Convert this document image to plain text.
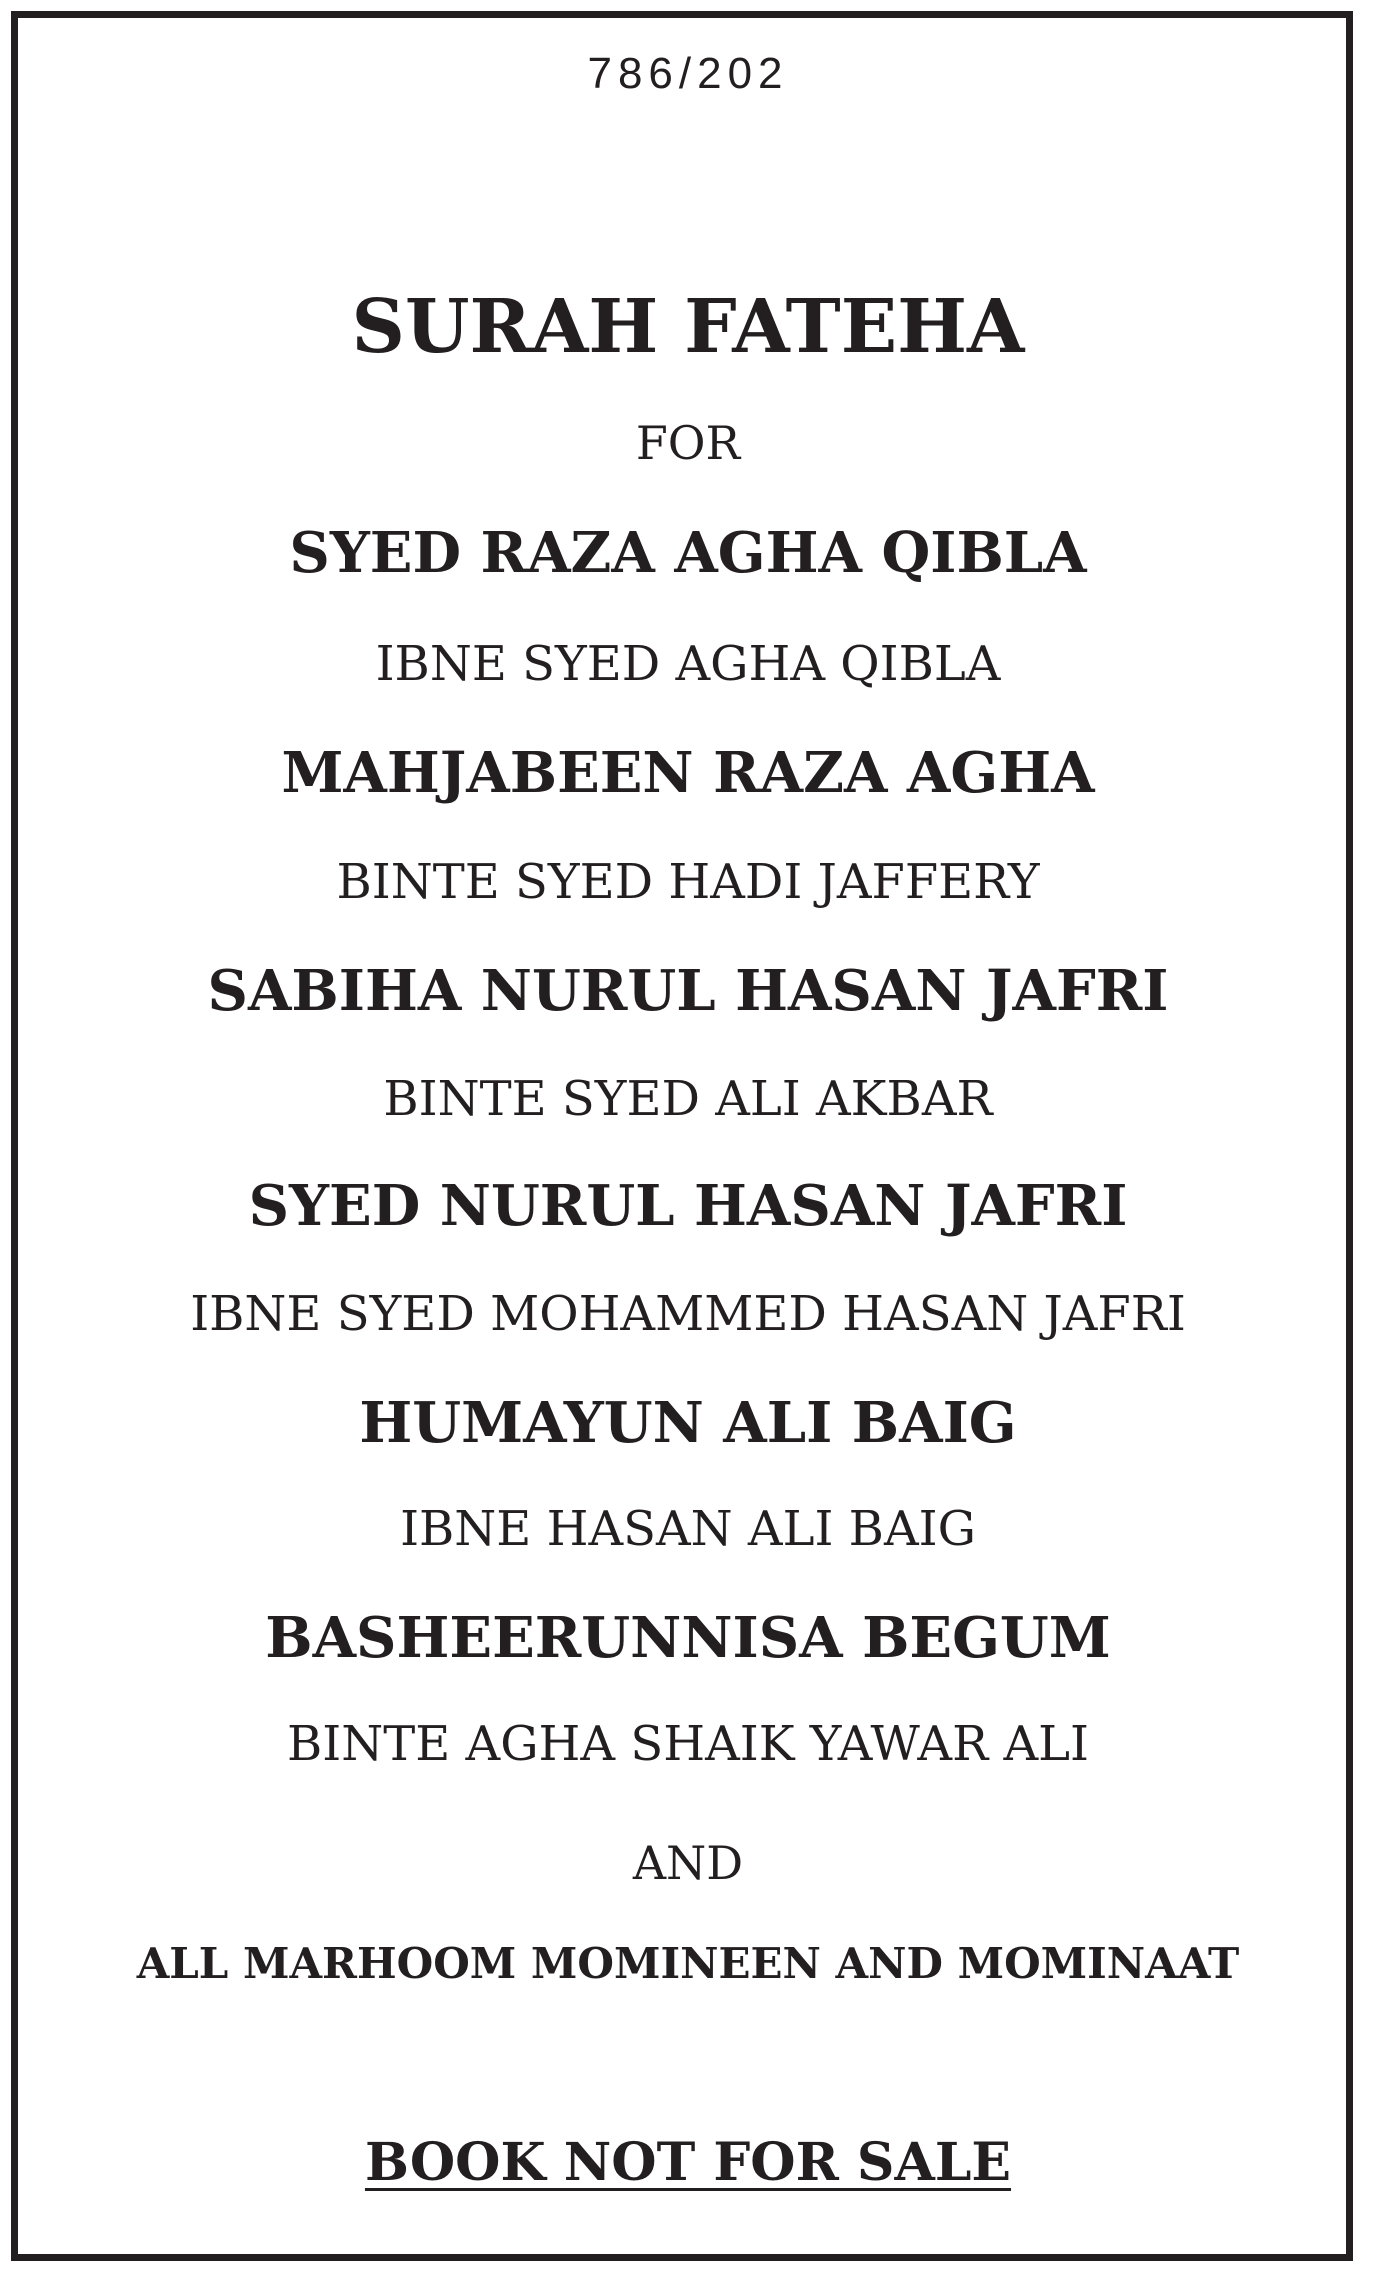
786/202
SURAH FATEHA
FOR
SYED RAZA AGHA QIBLA
IBNE SYED AGHA QIBLA
MAHJABEEN RAZA AGHA
BINTE SYED HADI JAFFERY
SABIHA NURUL HASAN JAFRI
BINTE SYED ALI AKBAR
SYED NURUL HASAN JAFRI
IBNE SYED MOHAMMED HASAN JAFRI
HUMAYUN ALI BAIG
IBNE HASAN ALI BAIG
BASHEERUNNISA BEGUM
BINTE AGHA SHAIK YAWAR ALI
AND
ALL MARHOOM MOMINEEN AND MOMINAAT
BOOK NOT FOR SALE
